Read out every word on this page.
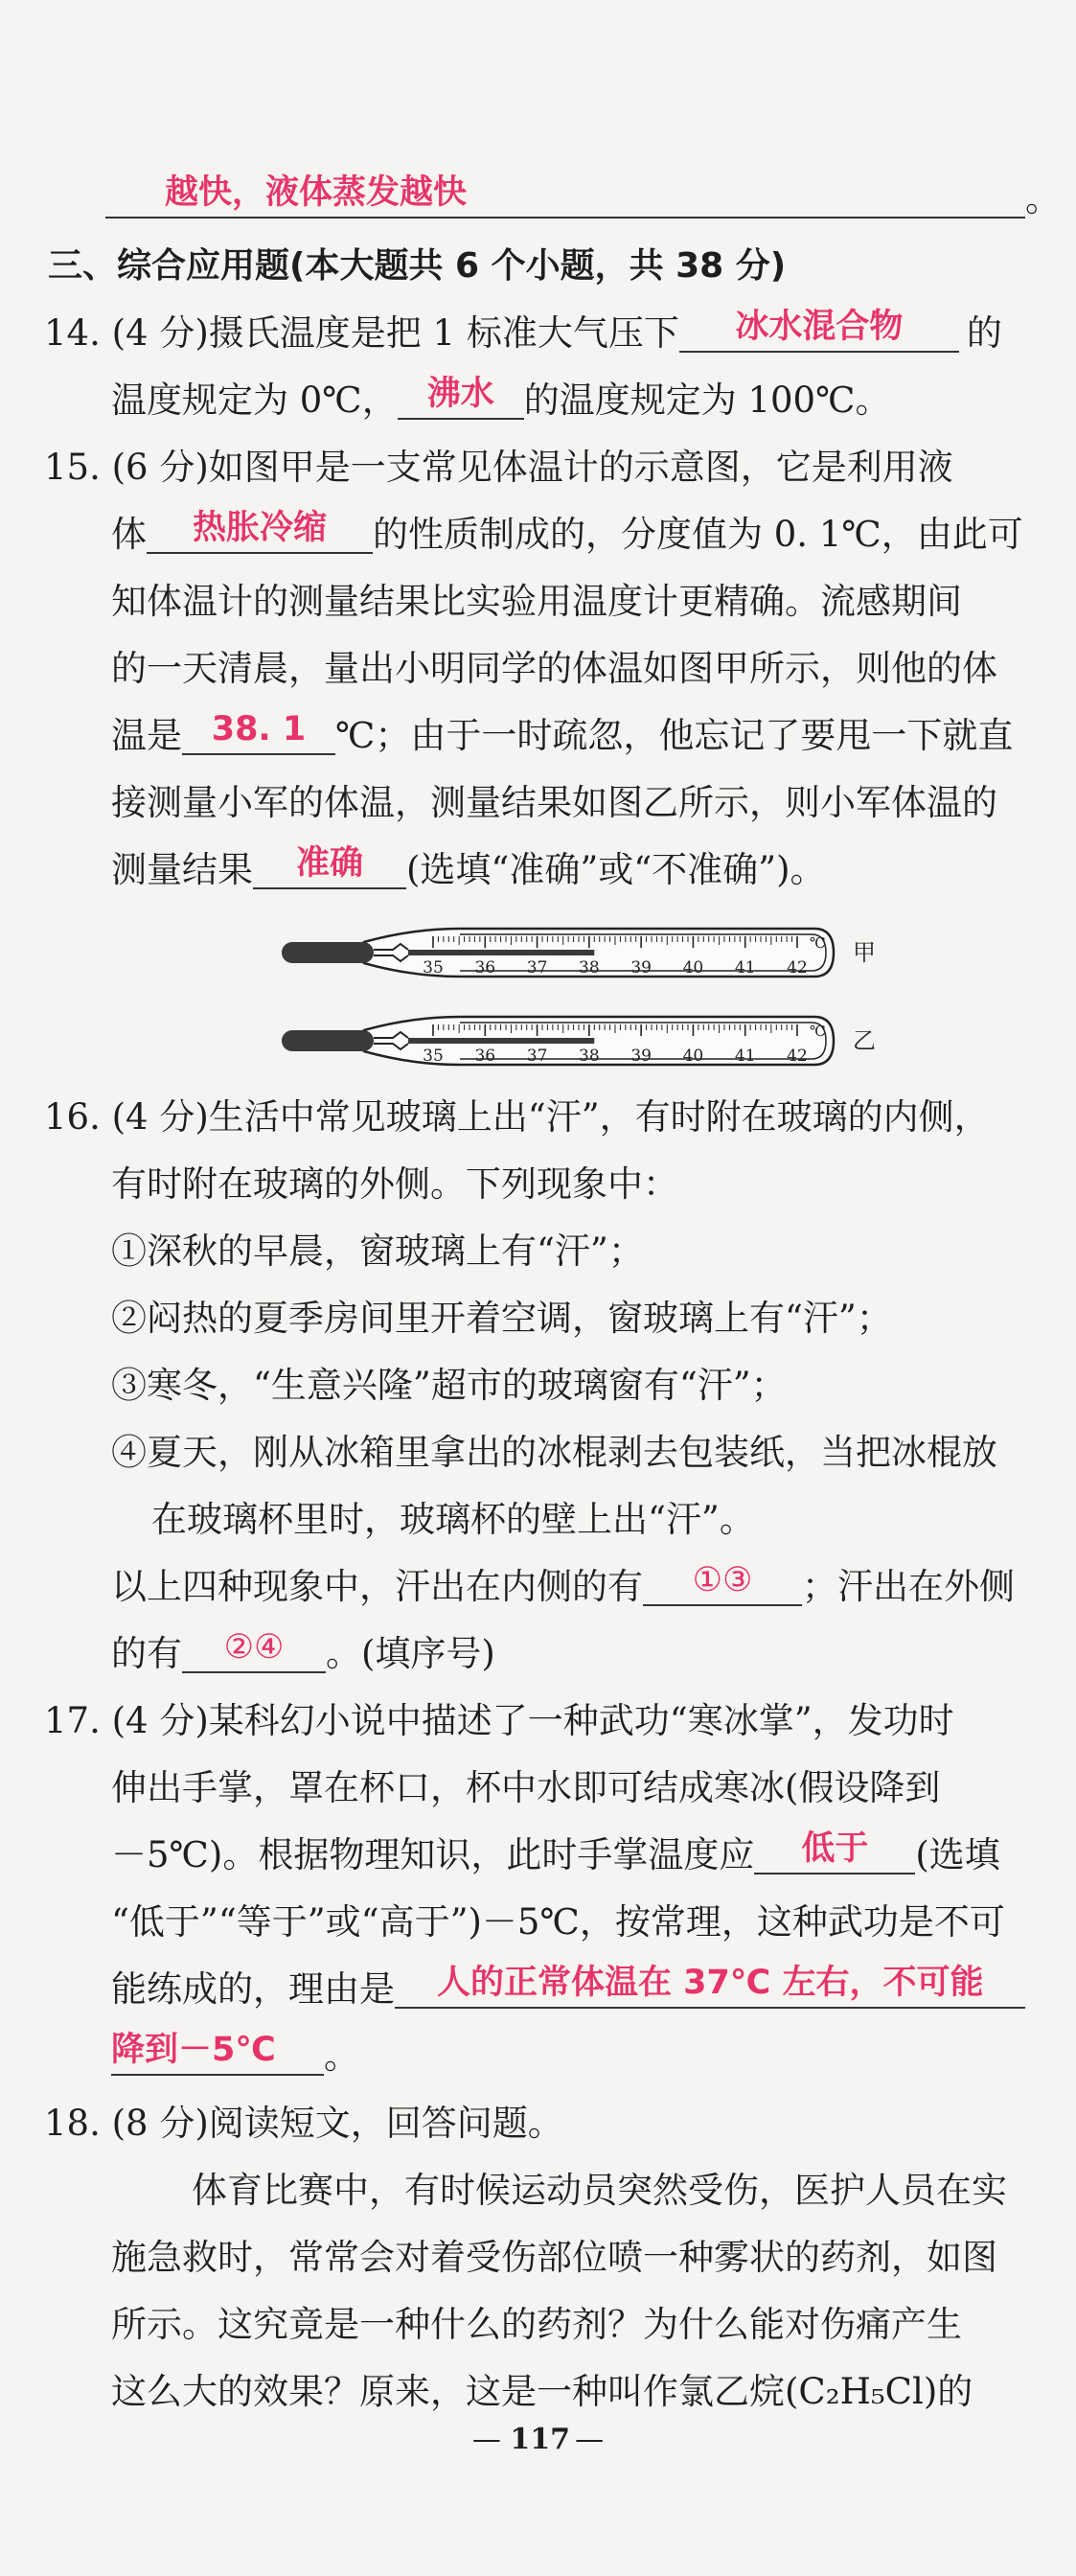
越快，液体蒸发越快	。
三、综合应用题(本大题共 6 个小题，共 38 分)
14. (4 分)摄氏温度是把 1 标准大气压下 冰水混合物 的
温度规定为 0℃， 沸水 的温度规定为 100℃。
15. (6 分)如图甲是一支常见体温计的示意图，它是利用液
体 热胀冷缩 的性质制成的，分度值为 0. 1℃，由此可
知体温计的测量结果比实验用温度计更精确。流感期间
的一天清晨，量出小明同学的体温如图甲所示，则他的体
温是 38. 1 ℃；由于一时疏忽，他忘记了要甩一下就直
接测量小军的体温，测量结果如图乙所示，则小军体温的
测量结果 准确 (选填“准确”或“不准确”)。
35 36 37 38 39 40 41 42
℃ 甲
35 36 37 38 39 40 41 42
℃ 乙
16. (4 分)生活中常见玻璃上出“汗”，有时附在玻璃的内侧，
有时附在玻璃的外侧。下列现象中：
①深秋的早晨，窗玻璃上有“汗”；
②闷热的夏季房间里开着空调，窗玻璃上有“汗”；
③寒冬，“生意兴隆”超市的玻璃窗有“汗”；
④夏天，刚从冰箱里拿出的冰棍剥去包装纸，当把冰棍放
在玻璃杯里时，玻璃杯的壁上出“汗”。
以上四种现象中，汗出在内侧的有 ①③ ；汗出在外侧
的有 ②④ 。(填序号)
17. (4 分)某科幻小说中描述了一种武功“寒冰掌”，发功时
伸出手掌，罩在杯口，杯中水即可结成寒冰(假设降到
－5℃)。根据物理知识，此时手掌温度应 低于 (选填
“低于”“等于”或“高于”)－5℃，按常理，这种武功是不可
能练成的，理由是 人的正常体温在 37℃ 左右，不可能
降到－5℃ 。
18. (8 分)阅读短文，回答问题。
体育比赛中，有时候运动员突然受伤，医护人员在实
施急救时，常常会对着受伤部位喷一种雾状的药剂，如图
所示。这究竟是一种什么的药剂？为什么能对伤痛产生
这么大的效果？原来，这是一种叫作氯乙烷(C₂H₅Cl)的
— 117 —
